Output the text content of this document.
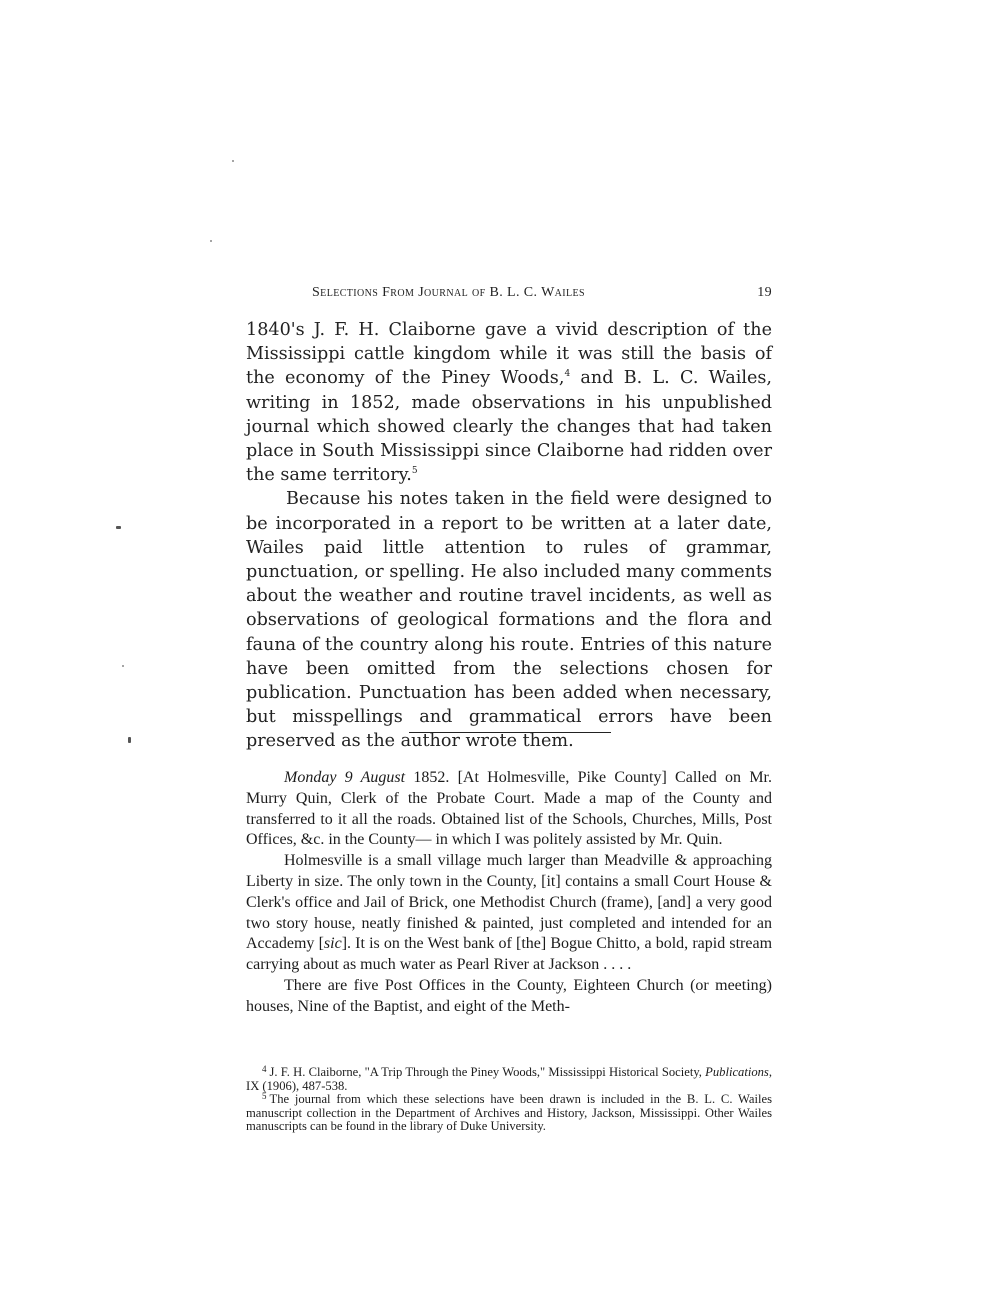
Selections From Journal of B. L. C. Wailes	19

1840's J. F. H. Claiborne gave a vivid description of the Mississippi cattle kingdom while it was still the basis of the economy of the Piney Woods,$^4$ and B. L. C. Wailes, writing in 1852, made observations in his unpublished journal which showed clearly the changes that had taken place in South Mississippi since Claiborne had ridden over the same territory.$^5$

Because his notes taken in the field were designed to be incorporated in a report to be written at a later date, Wailes paid little attention to rules of grammar, punctuation, or spelling. He also included many comments about the weather and routine travel incidents, as well as observations of geological formations and the flora and fauna of the country along his route. Entries of this nature have been omitted from the selections chosen for publication. Punctuation has been added when necessary, but misspellings and grammatical errors have been preserved as the author wrote them.

Monday 9 August 1852. [At Holmesville, Pike County] Called on Mr. Murry Quin, Clerk of the Probate Court. Made a map of the County and transferred to it all the roads. Obtained list of the Schools, Churches, Mills, Post Offices, &c. in the County— in which I was politely assisted by Mr. Quin.

Holmesville is a small village much larger than Meadville & approaching Liberty in size. The only town in the County, [it] contains a small Court House & Clerk's office and Jail of Brick, one Methodist Church (frame), [and] a very good two story house, neatly finished & painted, just completed and intended for an Accademy [sic]. It is on the West bank of [the] Bogue Chitto, a bold, rapid stream carrying about as much water as Pearl River at Jackson . . . .

There are five Post Offices in the County, Eighteen Church (or meeting) houses, Nine of the Baptist, and eight of the Meth-

$^4$ J. F. H. Claiborne, "A Trip Through the Piney Woods," Mississippi Historical Society, Publications, IX (1906), 487-538.

$^5$ The journal from which these selections have been drawn is included in the B. L. C. Wailes manuscript collection in the Department of Archives and History, Jackson, Mississippi. Other Wailes manuscripts can be found in the library of Duke University.
